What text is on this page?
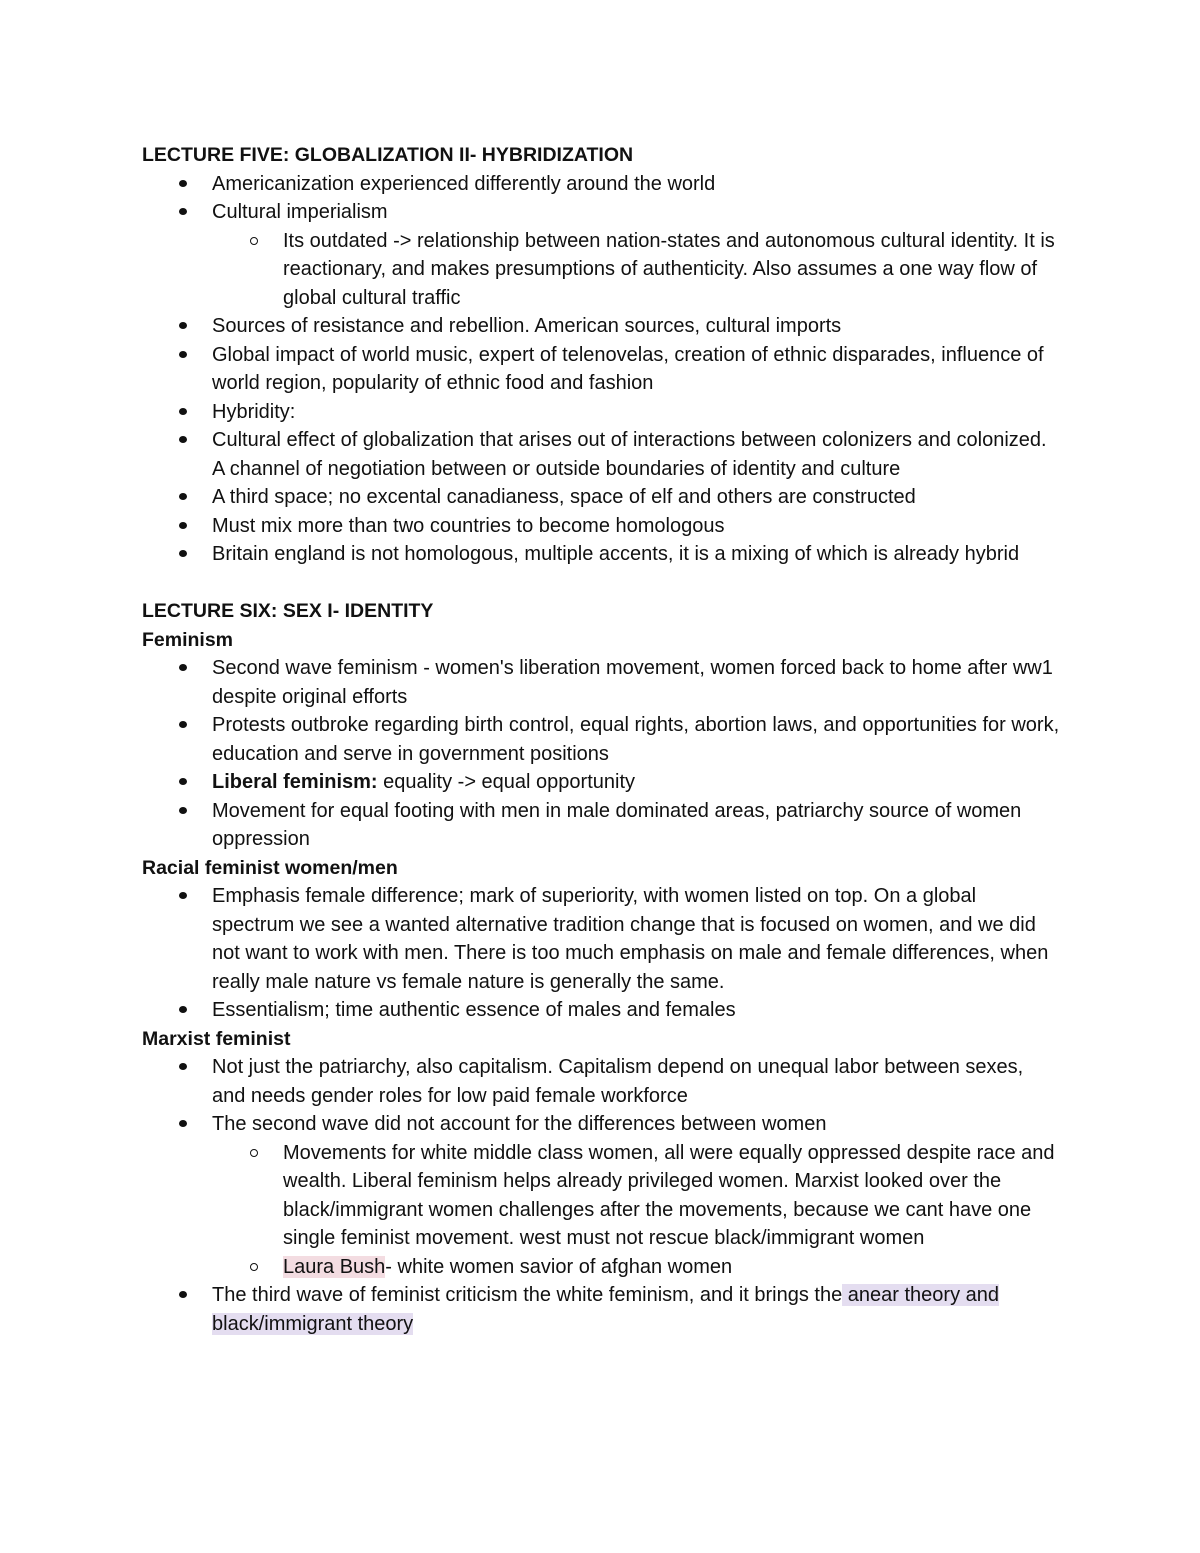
LECTURE FIVE: GLOBALIZATION II- HYBRIDIZATION
Americanization experienced differently around the world
Cultural imperialism
Its outdated -> relationship between nation-states and autonomous cultural identity. It is reactionary, and makes presumptions of authenticity. Also assumes a one way flow of global cultural traffic
Sources of resistance and rebellion. American sources, cultural imports
Global impact of world music, expert of telenovelas, creation of ethnic disparades, influence of world region, popularity of ethnic food and fashion
Hybridity:
Cultural effect of globalization that arises out of interactions between colonizers and colonized. A channel of negotiation between or outside boundaries of identity and culture
A third space; no excental canadianess, space of elf and others are constructed
Must mix more than two countries to become homologous
Britain england is not homologous, multiple accents, it is a mixing of which is already hybrid
LECTURE SIX: SEX I- IDENTITY
Feminism
Second wave feminism - women's liberation movement, women forced back to home after ww1 despite original efforts
Protests outbroke regarding birth control, equal rights, abortion laws, and opportunities for work, education and serve in government positions
Liberal feminism: equality -> equal opportunity
Movement for equal footing with men in male dominated areas, patriarchy source of women oppression
Racial feminist women/men
Emphasis female difference; mark of superiority, with women listed on top. On a global spectrum we see a wanted alternative tradition change that is focused on women, and we did not want to work with men. There is too much emphasis on male and female differences, when really male nature vs female nature is generally the same.
Essentialism; time authentic essence of males and females
Marxist feminist
Not just the patriarchy, also capitalism. Capitalism depend on unequal labor between sexes, and needs gender roles for low paid female workforce
The second wave did not account for the differences between women
Movements for white middle class women, all were equally oppressed despite race and wealth. Liberal feminism helps already privileged women. Marxist looked over the black/immigrant women challenges after the movements, because we cant have one single feminist movement. west must not rescue black/immigrant women
Laura Bush- white women savior of afghan women
The third wave of feminist criticism the white feminism, and it brings the anear theory and black/immigrant theory
